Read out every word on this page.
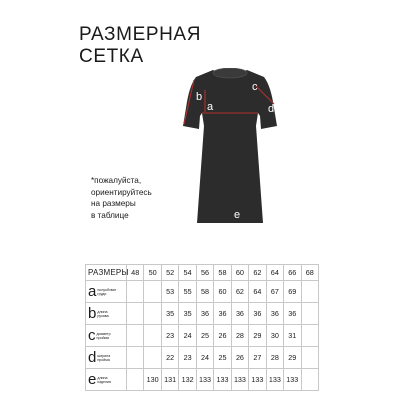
РАЗМЕРНАЯ
СЕТКА
b
a
c
d
e
*пожалуйста,
ориентируйтесь
на размеры
в таблице
РАЗМЕРЫ	48	50	52	54	56	58	60	62	64	66	68
a полуобхват
груди			53	55	58	60	62	64	67	69	
b длина
рукава			35	35	36	36	36	36	36	36	
c диаметр
пройма			23	24	25	26	28	29	30	31	
d ширина
пройма			22	23	24	25	26	27	28	29	
e длина
изделия		130	131	132	133	133	133	133	133	133	
